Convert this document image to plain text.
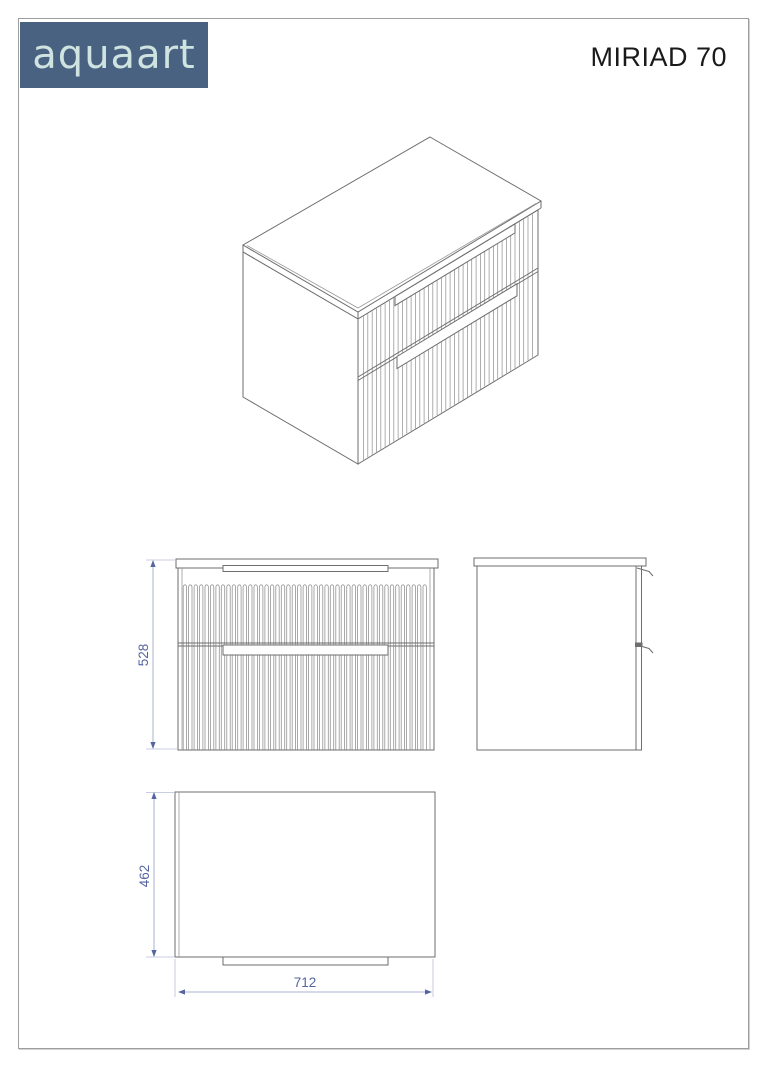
aquaart	MIRIAD 70
528
462
712
